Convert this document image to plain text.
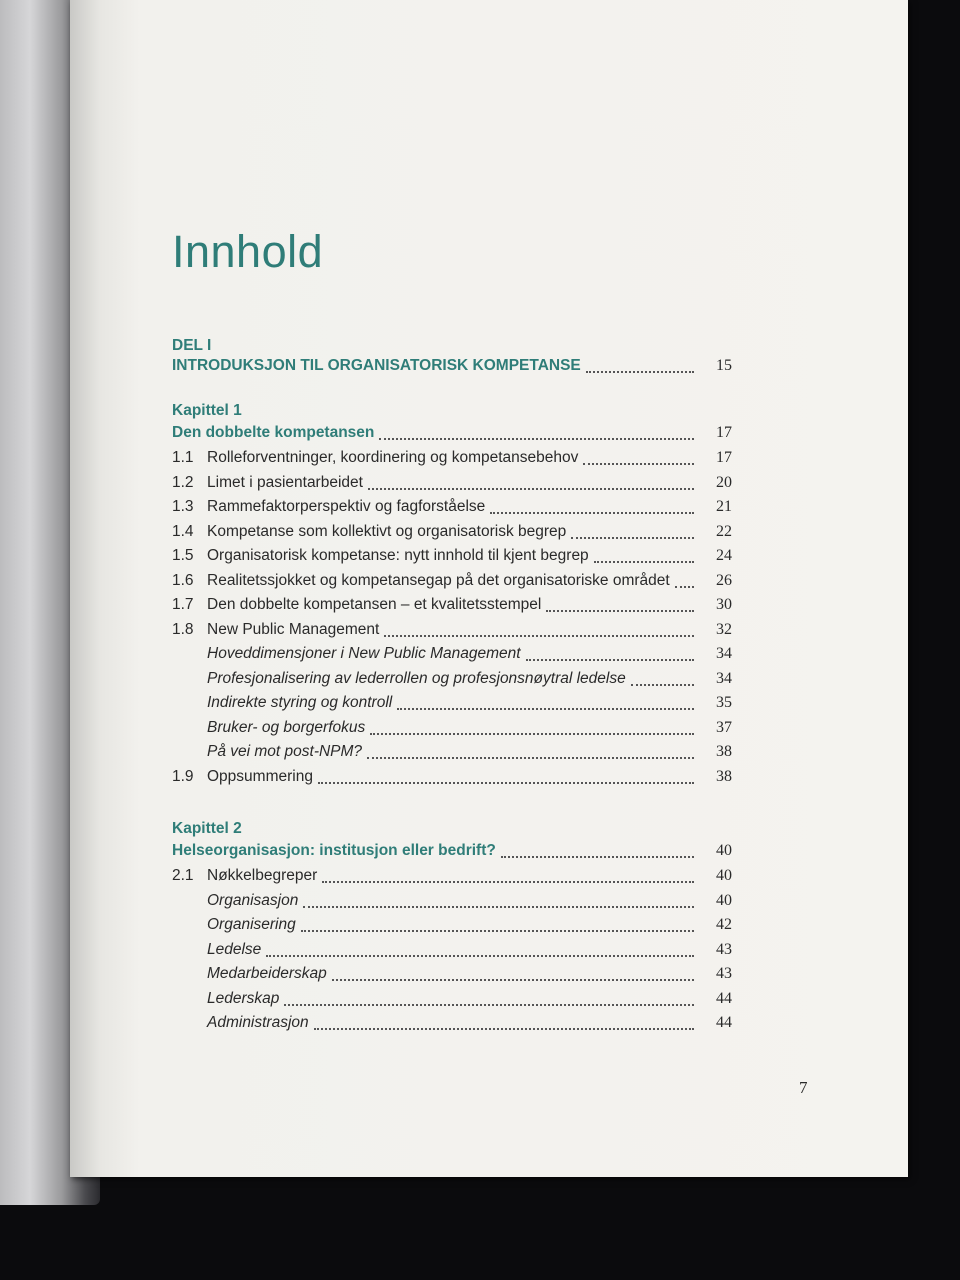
Innhold
DEL I
INTRODUKSJON TIL ORGANISATORISK KOMPETANSE	15
Kapittel 1
Den dobbelte kompetansen	17
1.1 Rolleforventninger, koordinering og kompetansebehov	17
1.2 Limet i pasientarbeidet	20
1.3 Rammefaktorperspektiv og fagforståelse	21
1.4 Kompetanse som kollektivt og organisatorisk begrep	22
1.5 Organisatorisk kompetanse: nytt innhold til kjent begrep	24
1.6 Realitetssjokket og kompetansegap på det organisatoriske området	26
1.7 Den dobbelte kompetansen – et kvalitetsstempel	30
1.8 New Public Management	32
Hoveddimensjoner i New Public Management	34
Profesjonalisering av lederrollen og profesjonsnøytral ledelse	34
Indirekte styring og kontroll	35
Bruker- og borgerfokus	37
På vei mot post-NPM?	38
1.9 Oppsummering	38
Kapittel 2
Helseorganisasjon: institusjon eller bedrift?	40
2.1 Nøkkelbegreper	40
Organisasjon	40
Organisering	42
Ledelse	43
Medarbeiderskap	43
Lederskap	44
Administrasjon	44
7
